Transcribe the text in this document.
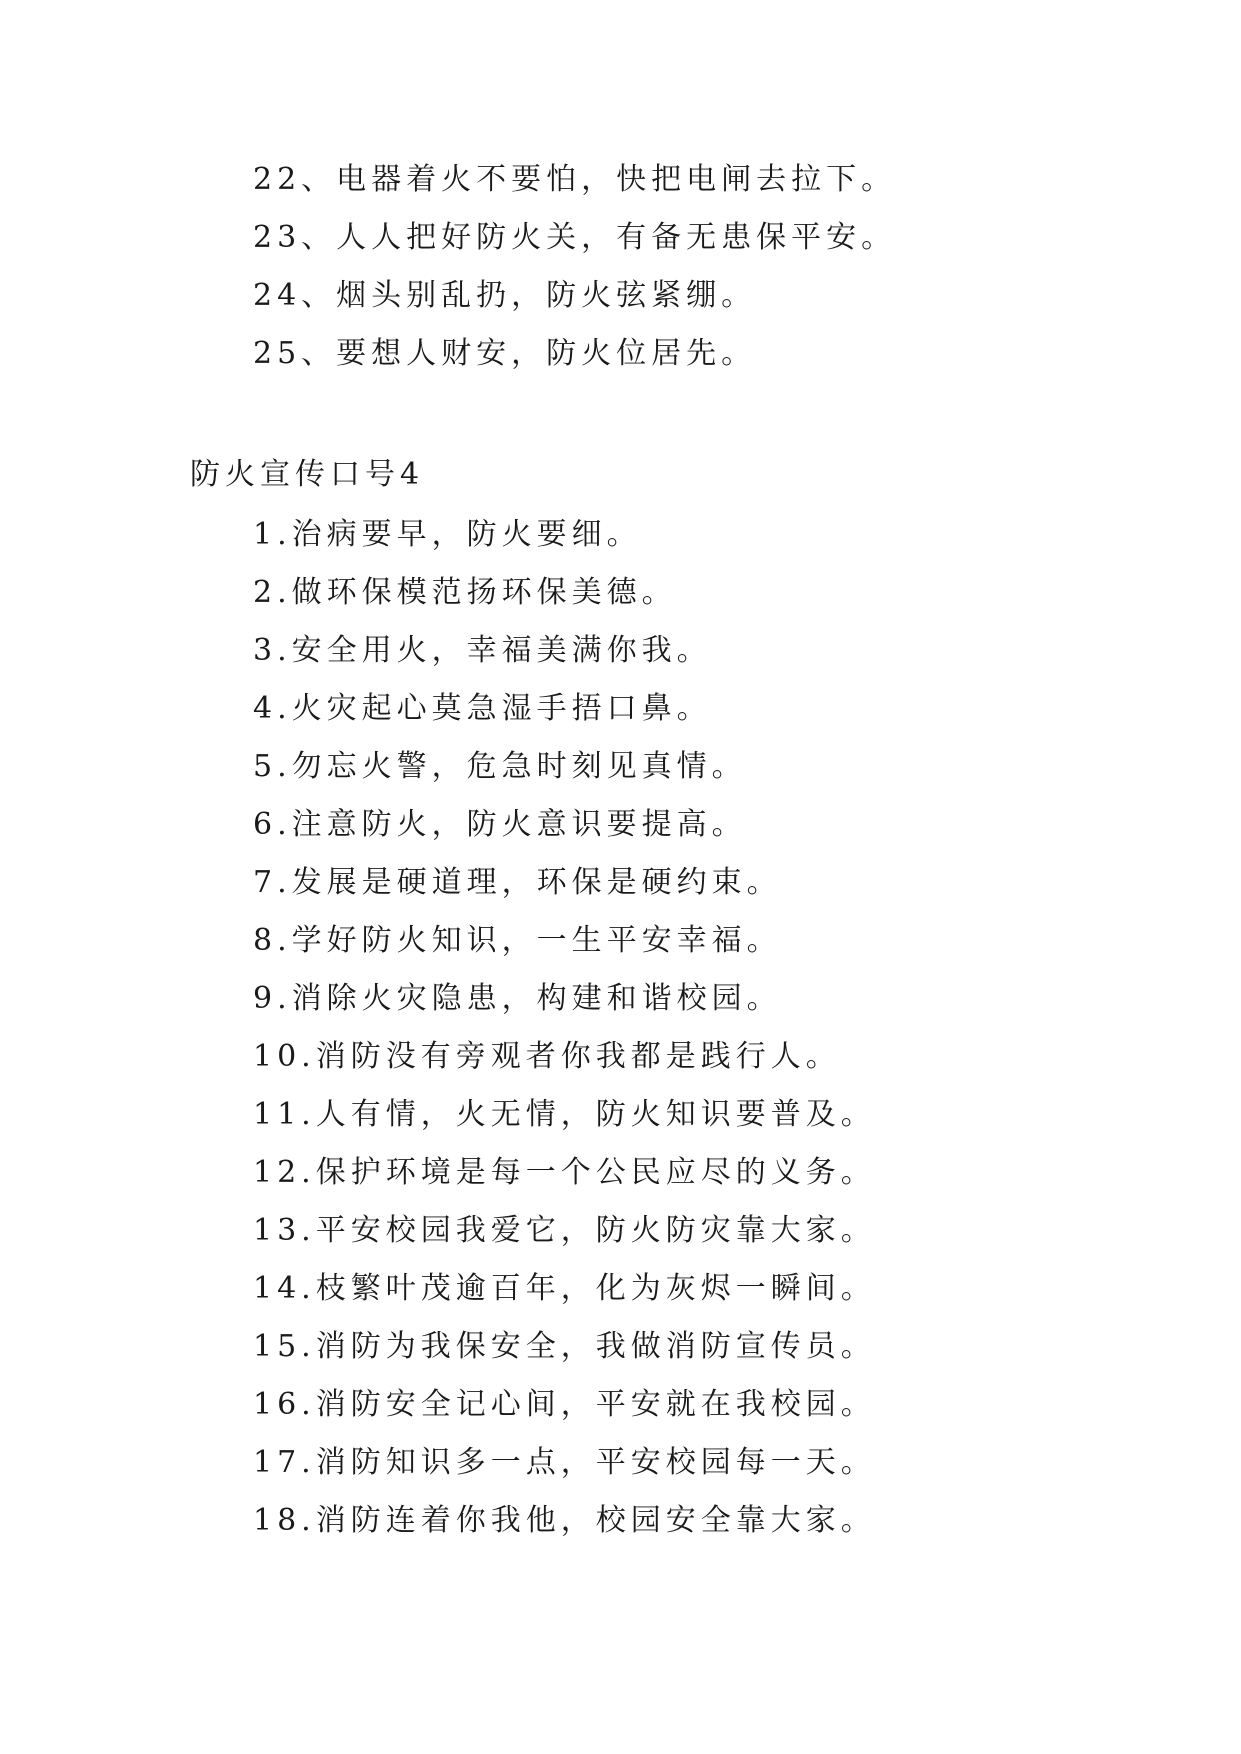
22、电器着火不要怕，快把电闸去拉下。
23、人人把好防火关，有备无患保平安。
24、烟头别乱扔，防火弦紧绷。
25、要想人财安，防火位居先。
防火宣传口号4
1.治病要早，防火要细。
2.做环保模范扬环保美德。
3.安全用火，幸福美满你我。
4.火灾起心莫急湿手捂口鼻。
5.勿忘火警，危急时刻见真情。
6.注意防火，防火意识要提高。
7.发展是硬道理，环保是硬约束。
8.学好防火知识，一生平安幸福。
9.消除火灾隐患，构建和谐校园。
10.消防没有旁观者你我都是践行人。
11.人有情，火无情，防火知识要普及。
12.保护环境是每一个公民应尽的义务。
13.平安校园我爱它，防火防灾靠大家。
14.枝繁叶茂逾百年，化为灰烬一瞬间。
15.消防为我保安全，我做消防宣传员。
16.消防安全记心间，平安就在我校园。
17.消防知识多一点，平安校园每一天。
18.消防连着你我他，校园安全靠大家。
